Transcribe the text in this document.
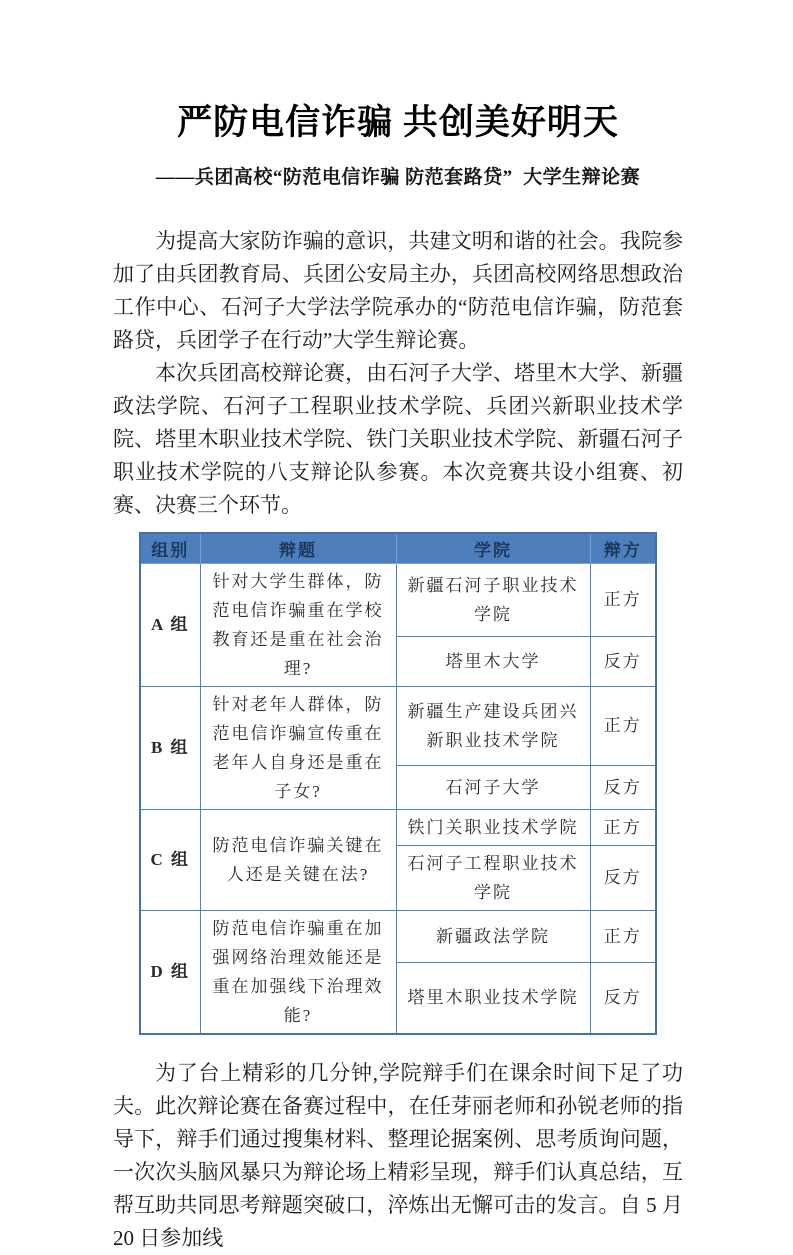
严防电信诈骗 共创美好明天
——兵团高校“防范电信诈骗 防范套路贷”  大学生辩论赛

为提高大家防诈骗的意识，共建文明和谐的社会。我院参加了由兵团教育局、兵团公安局主办，兵团高校网络思想政治工作中心、石河子大学法学院承办的“防范电信诈骗，防范套路贷，兵团学子在行动”大学生辩论赛。

本次兵团高校辩论赛，由石河子大学、塔里木大学、新疆政法学院、石河子工程职业技术学院、兵团兴新职业技术学院、塔里木职业技术学院、铁门关职业技术学院、新疆石河子职业技术学院的八支辩论队参赛。本次竞赛共设小组赛、初赛、决赛三个环节。

组别	辩题	学院	辩方
A 组	针对大学生群体，防范电信诈骗重在学校教育还是重在社会治理?	新疆石河子职业技术学院	正方
		塔里木大学	反方
B 组	针对老年人群体，防范电信诈骗宣传重在老年人自身还是重在子女?	新疆生产建设兵团兴新职业技术学院	正方
		石河子大学	反方
C 组	防范电信诈骗关键在人还是关键在法?	铁门关职业技术学院	正方
		石河子工程职业技术学院	反方
D 组	防范电信诈骗重在加强网络治理效能还是重在加强线下治理效能?	新疆政法学院	正方
		塔里木职业技术学院	反方

为了台上精彩的几分钟,学院辩手们在课余时间下足了功夫。此次辩论赛在备赛过程中，在任芽丽老师和孙锐老师的指导下，辩手们通过搜集材料、整理论据案例、思考质询问题，一次次头脑风暴只为辩论场上精彩呈现，辩手们认真总结，互帮互助共同思考辩题突破口，淬炼出无懈可击的发言。自 5 月 20 日参加线
